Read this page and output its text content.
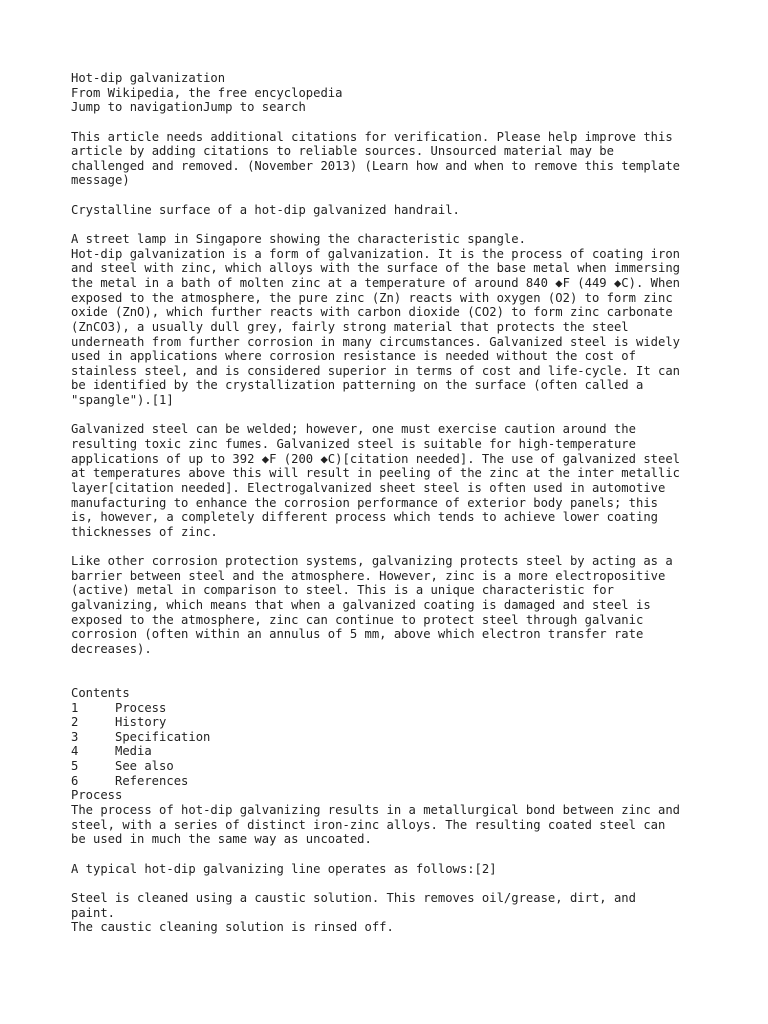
Hot-dip galvanization
From Wikipedia, the free encyclopedia
Jump to navigationJump to search
This article needs additional citations for verification. Please help improve this
article by adding citations to reliable sources. Unsourced material may be
challenged and removed. (November 2013) (Learn how and when to remove this template
message)
Crystalline surface of a hot-dip galvanized handrail.
A street lamp in Singapore showing the characteristic spangle.
Hot-dip galvanization is a form of galvanization. It is the process of coating iron
and steel with zinc, which alloys with the surface of the base metal when immersing
the metal in a bath of molten zinc at a temperature of around 840 ◆F (449 ◆C). When
exposed to the atmosphere, the pure zinc (Zn) reacts with oxygen (O2) to form zinc
oxide (ZnO), which further reacts with carbon dioxide (CO2) to form zinc carbonate
(ZnCO3), a usually dull grey, fairly strong material that protects the steel
underneath from further corrosion in many circumstances. Galvanized steel is widely
used in applications where corrosion resistance is needed without the cost of
stainless steel, and is considered superior in terms of cost and life-cycle. It can
be identified by the crystallization patterning on the surface (often called a
"spangle").[1]
Galvanized steel can be welded; however, one must exercise caution around the
resulting toxic zinc fumes. Galvanized steel is suitable for high-temperature
applications of up to 392 ◆F (200 ◆C)[citation needed]. The use of galvanized steel
at temperatures above this will result in peeling of the zinc at the inter metallic
layer[citation needed]. Electrogalvanized sheet steel is often used in automotive
manufacturing to enhance the corrosion performance of exterior body panels; this
is, however, a completely different process which tends to achieve lower coating
thicknesses of zinc.
Like other corrosion protection systems, galvanizing protects steel by acting as a
barrier between steel and the atmosphere. However, zinc is a more electropositive
(active) metal in comparison to steel. This is a unique characteristic for
galvanizing, which means that when a galvanized coating is damaged and steel is
exposed to the atmosphere, zinc can continue to protect steel through galvanic
corrosion (often within an annulus of 5 mm, above which electron transfer rate
decreases).
Contents
1	Process
2	History
3	Specification
4	Media
5	See also
6	References
Process
The process of hot-dip galvanizing results in a metallurgical bond between zinc and
steel, with a series of distinct iron-zinc alloys. The resulting coated steel can
be used in much the same way as uncoated.
A typical hot-dip galvanizing line operates as follows:[2]
Steel is cleaned using a caustic solution. This removes oil/grease, dirt, and
paint.
The caustic cleaning solution is rinsed off.
